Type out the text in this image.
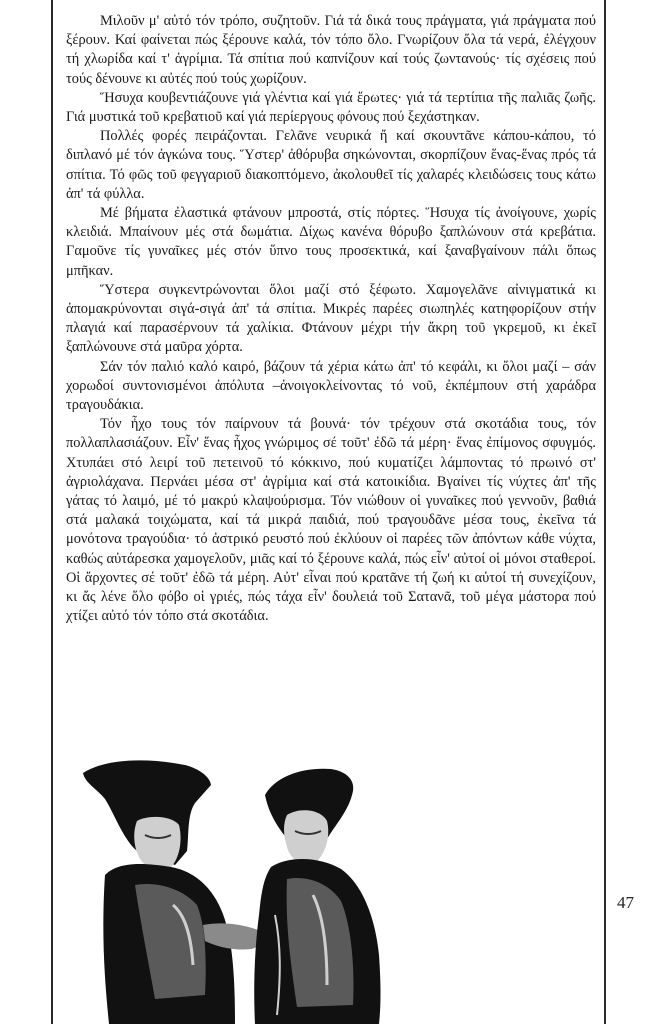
Μιλοῦν μ' αὐτό τόν τρόπο, συζητοῦν. Γιά τά δικά τους πράγματα, γιά πράγματα πού ξέρουν. Καί φαίνεται πώς ξέρουνε καλά, τόν τόπο ὅλο. Γνωρίζουν ὅλα τά νερά, ἐλέγχουν τή χλωρίδα καί τ' ἀγρίμια. Τά σπίτια πού καπνίζουν καί τούς ζωντανούς· τίς σχέσεις πού τούς δένουνε κι αὐτές πού τούς χωρίζουν.

Ἥσυχα κουβεντιάζουνε γιά γλέντια καί γιά ἔρωτες· γιά τά τερτίπια τῆς παλιᾶς ζωῆς. Γιά μυστικά τοῦ κρεβατιοῦ καί γιά περίεργους φόνους πού ξεχάστηκαν.

Πολλές φορές πειράζονται. Γελᾶνε νευρικά ἤ καί σκουντᾶνε κάπου-κάπου, τό διπλανό μέ τόν ἀγκώνα τους. Ὕστερ' ἀθόρυβα σηκώνονται, σκορπίζουν ἕνας-ἕνας πρός τά σπίτια. Τό φῶς τοῦ φεγγαριοῦ διακοπτόμενο, ἀκολουθεῖ τίς χαλαρές κλειδώσεις τους κάτω ἀπ' τά φύλλα.

Μέ βήματα ἐλαστικά φτάνουν μπροστά, στίς πόρτες. Ἥσυχα τίς ἀνοίγουνε, χωρίς κλειδιά. Μπαίνουν μές στά δωμάτια. Δίχως κανένα θόρυβο ξαπλώνουν στά κρεβάτια. Γαμοῦνε τίς γυναῖκες μές στόν ὕπνο τους προσεκτικά, καί ξαναβγαίνουν πάλι ὅπως μπῆκαν.

Ὕστερα συγκεντρώνονται ὅλοι μαζί στό ξέφωτο. Χαμογελᾶνε αἰνιγματικά κι ἀπομακρύνονται σιγά-σιγά ἀπ' τά σπίτια. Μικρές παρέες σιωπηλές κατηφορίζουν στήν πλαγιά καί παρασέρνουν τά χαλίκια. Φτάνουν μέχρι τήν ἄκρη τοῦ γκρεμοῦ, κι ἐκεῖ ξαπλώνουνε στά μαῦρα χόρτα.

Σάν τόν παλιό καλό καιρό, βάζουν τά χέρια κάτω ἀπ' τό κεφάλι, κι ὅλοι μαζί – σάν χορωδοί συντονισμένοι ἀπόλυτα –ἀνοιγοκλείνοντας τό νοῦ, ἐκπέμπουν στή χαράδρα τραγουδάκια.

Τόν ἦχο τους τόν παίρνουν τά βουνά· τόν τρέχουν στά σκοτάδια τους, τόν πολλαπλασιάζουν. Εἶν' ἕνας ἦχος γνώριμος σέ τοῦτ' ἐδῶ τά μέρη· ἕνας ἐπίμονος σφυγμός. Χτυπάει στό λειρί τοῦ πετεινοῦ τό κόκκινο, πού κυματίζει λάμποντας τό πρωινό στ' ἀγριολάχανα. Περνάει μέσα στ' ἀγρίμια καί στά κατοικίδια. Βγαίνει τίς νύχτες ἀπ' τῆς γάτας τό λαιμό, μέ τό μακρύ κλαψούρισμα. Τόν νιώθουν οἱ γυναῖκες πού γεννοῦν, βαθιά στά μαλακά τοιχώματα, καί τά μικρά παιδιά, πού τραγουδᾶνε μέσα τους, ἐκεῖνα τά μονότονα τραγούδια· τό ἀστρικό ρευστό πού ἐκλύουν οἱ παρέες τῶν ἀπόντων κάθε νύχτα, καθώς αὐτάρεσκα χαμογελοῦν, μιᾶς καί τό ξέρουνε καλά, πώς εἶν' αὐτοί οἱ μόνοι σταθεροί. Οἱ ἄρχοντες σέ τοῦτ' ἐδῶ τά μέρη. Αὐτ' εἶναι πού κρατᾶνε τή ζωή κι αὐτοί τή συνεχίζουν, κι ἄς λένε ὅλο φόβο οἱ γριές, πώς τάχα εἶν' δουλειά τοῦ Σατανᾶ, τοῦ μέγα μάστορα πού χτίζει αὐτό τόν τόπο στά σκοτάδια.

47
